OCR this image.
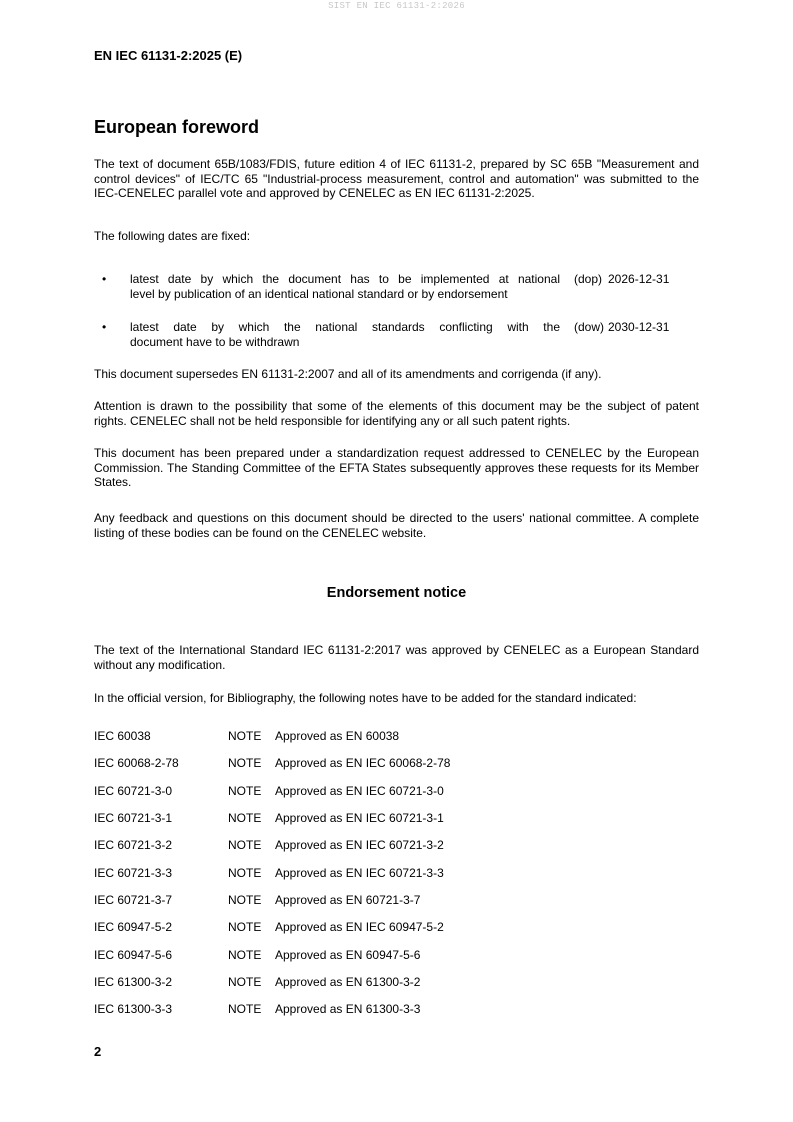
SIST EN IEC 61131-2:2026
EN IEC 61131-2:2025 (E)
European foreword
The text of document 65B/1083/FDIS, future edition 4 of IEC 61131-2, prepared by SC 65B "Measurement and control devices" of IEC/TC 65 "Industrial-process measurement, control and automation" was submitted to the IEC-CENELEC parallel vote and approved by CENELEC as EN IEC 61131-2:2025.
The following dates are fixed:
• latest date by which the document has to be implemented at national
level by publication of an identical national standard or by endorsement
(dop) 2026-12-31
• latest date by which the national standards conflicting with the
document have to be withdrawn
(dow) 2030-12-31
This document supersedes EN 61131-2:2007 and all of its amendments and corrigenda (if any).
Attention is drawn to the possibility that some of the elements of this document may be the subject of patent rights. CENELEC shall not be held responsible for identifying any or all such patent rights.
This document has been prepared under a standardization request addressed to CENELEC by the European Commission. The Standing Committee of the EFTA States subsequently approves these requests for its Member States.
Any feedback and questions on this document should be directed to the users' national committee. A complete listing of these bodies can be found on the CENELEC website.
Endorsement notice
The text of the International Standard IEC 61131-2:2017 was approved by CENELEC as a European Standard without any modification.
In the official version, for Bibliography, the following notes have to be added for the standard indicated:
IEC 60038	NOTE Approved as EN 60038
IEC 60068-2-78	NOTE Approved as EN IEC 60068-2-78
IEC 60721-3-0	NOTE Approved as EN IEC 60721-3-0
IEC 60721-3-1	NOTE Approved as EN IEC 60721-3-1
IEC 60721-3-2	NOTE Approved as EN IEC 60721-3-2
IEC 60721-3-3	NOTE Approved as EN IEC 60721-3-3
IEC 60721-3-7	NOTE Approved as EN 60721-3-7
IEC 60947-5-2	NOTE Approved as EN IEC 60947-5-2
IEC 60947-5-6	NOTE Approved as EN 60947-5-6
IEC 61300-3-2	NOTE Approved as EN 61300-3-2
IEC 61300-3-3	NOTE Approved as EN 61300-3-3
2
